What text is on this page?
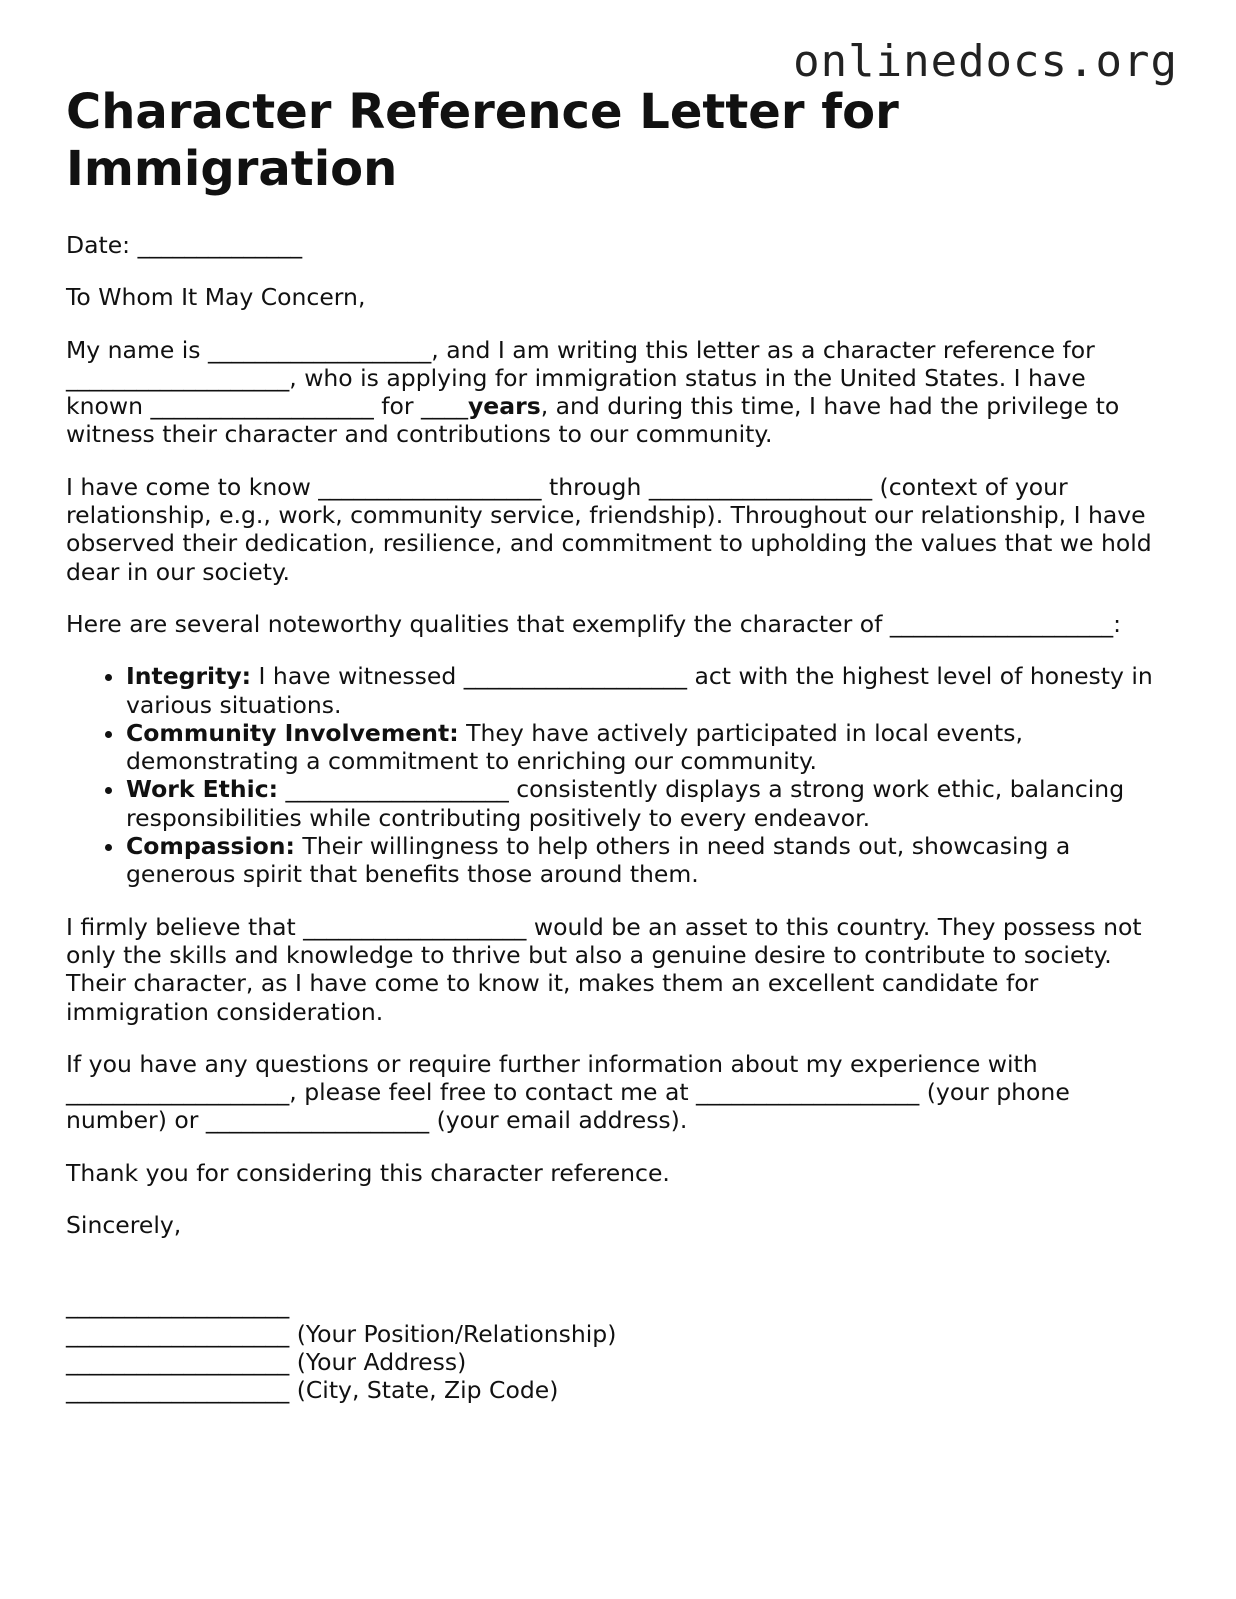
onlinedocs.org
Character Reference Letter for Immigration

Date: ______________

To Whom It May Concern,

My name is ___________________, and I am writing this letter as a character reference for ___________________, who is applying for immigration status in the United States. I have known ___________________ for ____years, and during this time, I have had the privilege to witness their character and contributions to our community.

I have come to know ___________________ through ___________________ (context of your relationship, e.g., work, community service, friendship). Throughout our relationship, I have observed their dedication, resilience, and commitment to upholding the values that we hold dear in our society.

Here are several noteworthy qualities that exemplify the character of ___________________:

• Integrity: I have witnessed ___________________ act with the highest level of honesty in various situations.
• Community Involvement: They have actively participated in local events, demonstrating a commitment to enriching our community.
• Work Ethic: ___________________ consistently displays a strong work ethic, balancing responsibilities while contributing positively to every endeavor.
• Compassion: Their willingness to help others in need stands out, showcasing a generous spirit that benefits those around them.

I firmly believe that ___________________ would be an asset to this country. They possess not only the skills and knowledge to thrive but also a genuine desire to contribute to society. Their character, as I have come to know it, makes them an excellent candidate for immigration consideration.

If you have any questions or require further information about my experience with ___________________, please feel free to contact me at ___________________ (your phone number) or ___________________ (your email address).

Thank you for considering this character reference.

Sincerely,

___________________

___________________ (Your Position/Relationship)

___________________ (Your Address)

___________________ (City, State, Zip Code)
